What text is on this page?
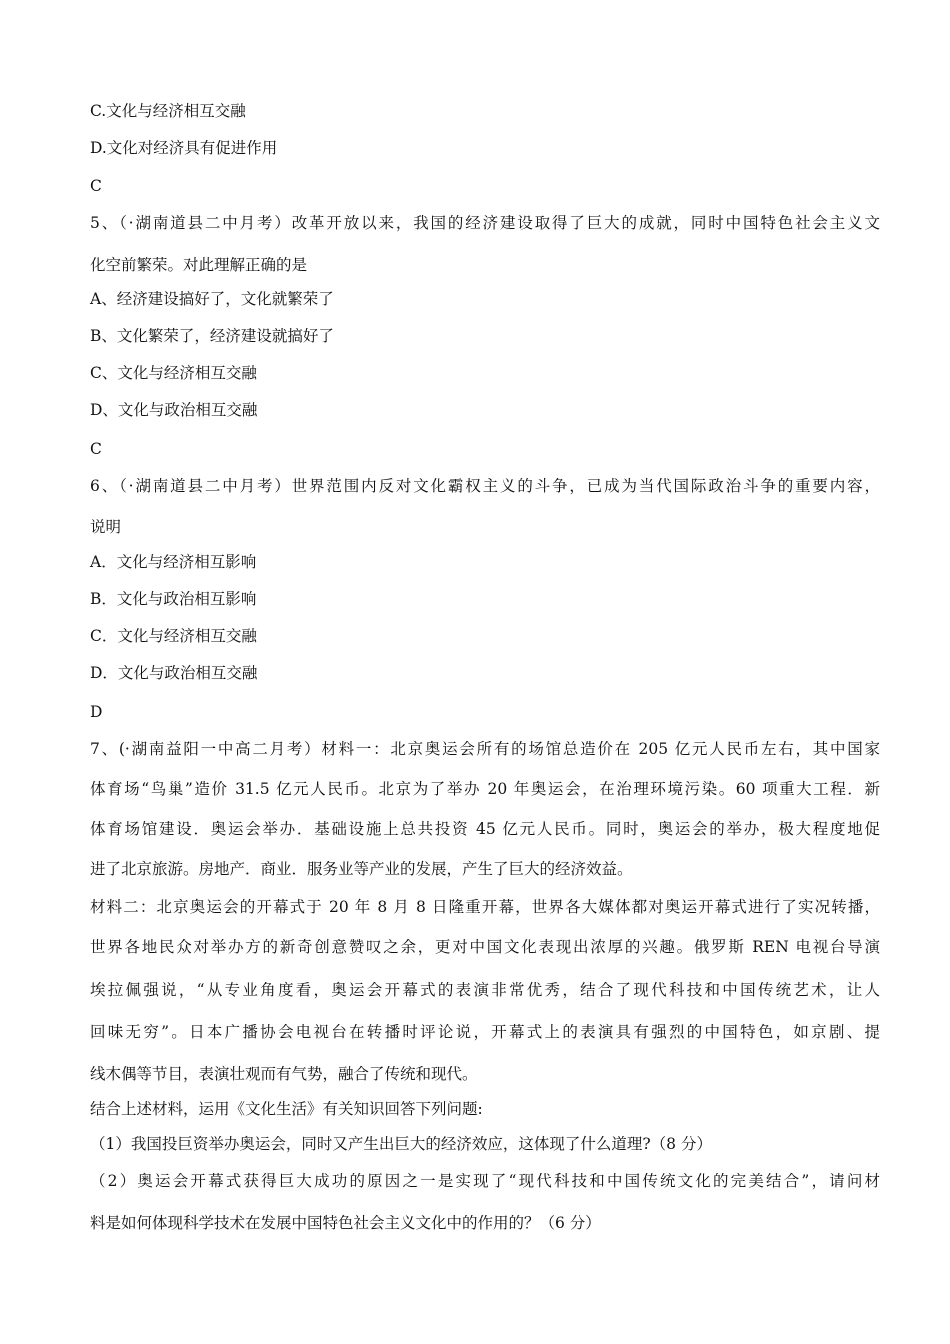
C.文化与经济相互交融
D.文化对经济具有促进作用
C
5、（·湖南道县二中月考）改革开放以来，我国的经济建设取得了巨大的成就，同时中国特色社会主义文
化空前繁荣。对此理解正确的是
A、经济建设搞好了，文化就繁荣了
B、文化繁荣了，经济建设就搞好了
C、文化与经济相互交融
D、文化与政治相互交融
C
6、（·湖南道县二中月考）世界范围内反对文化霸权主义的斗争，已成为当代国际政治斗争的重要内容，
说明
A．文化与经济相互影响
B．文化与政治相互影响
C．文化与经济相互交融
D．文化与政治相互交融
D
7、(·湖南益阳一中高二月考）材料一：北京奥运会所有的场馆总造价在 205 亿元人民币左右，其中国家
体育场“鸟巢”造价 31.5 亿元人民币。北京为了举办 20 年奥运会，在治理环境污染。60 项重大工程．新
体育场馆建设．奥运会举办．基础设施上总共投资 45 亿元人民币。同时，奥运会的举办，极大程度地促
进了北京旅游。房地产．商业．服务业等产业的发展，产生了巨大的经济效益。
材料二：北京奥运会的开幕式于 20 年 8 月 8 日隆重开幕，世界各大媒体都对奥运开幕式进行了实况转播，
世界各地民众对举办方的新奇创意赞叹之余，更对中国文化表现出浓厚的兴趣。俄罗斯 REN 电视台导演
埃拉佩强说，“从专业角度看，奥运会开幕式的表演非常优秀，结合了现代科技和中国传统艺术，让人
回味无穷”。日本广播协会电视台在转播时评论说，开幕式上的表演具有强烈的中国特色，如京剧、提
线木偶等节目，表演壮观而有气势，融合了传统和现代。
结合上述材料，运用《文化生活》有关知识回答下列问题:
（1）我国投巨资举办奥运会，同时又产生出巨大的经济效应，这体现了什么道理?（8 分）
（2）奥运会开幕式获得巨大成功的原因之一是实现了“现代科技和中国传统文化的完美结合”，请问材
料是如何体现科学技术在发展中国特色社会主义文化中的作用的？（6 分）
